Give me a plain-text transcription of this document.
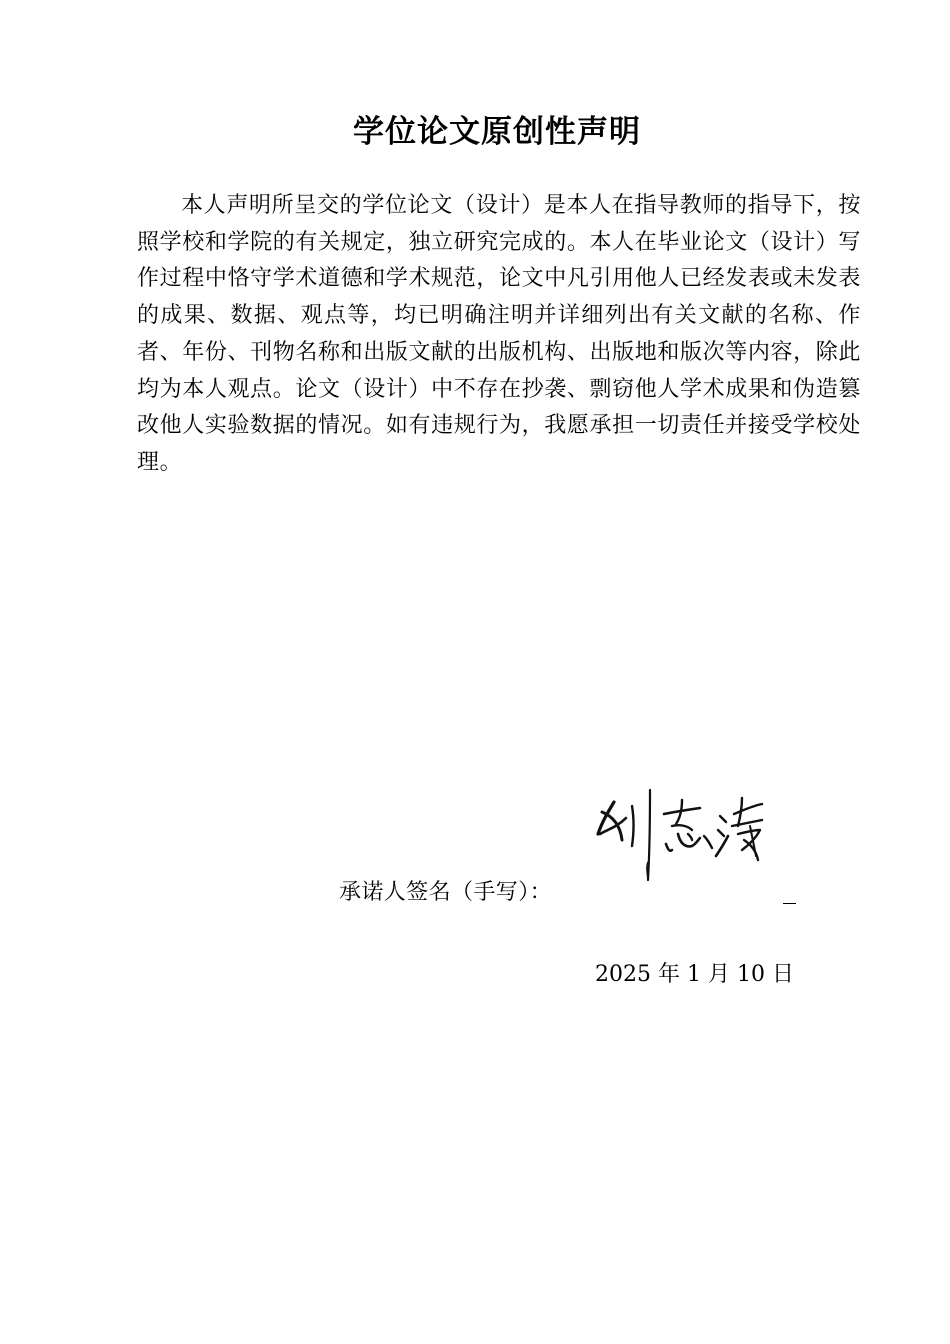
学位论文原创性声明

本人声明所呈交的学位论文（设计）是本人在指导教师的指导下，按照学校和学院的有关规定，独立研究完成的。本人在毕业论文（设计）写作过程中恪守学术道德和学术规范，论文中凡引用他人已经发表或未发表的成果、数据、观点等，均已明确注明并详细列出有关文献的名称、作者、年份、刊物名称和出版文献的出版机构、出版地和版次等内容，除此均为本人观点。论文（设计）中不存在抄袭、剽窃他人学术成果和伪造篡改他人实验数据的情况。如有违规行为，我愿承担一切责任并接受学校处理。

承诺人签名（手写）：
2025 年 1 月 10 日
